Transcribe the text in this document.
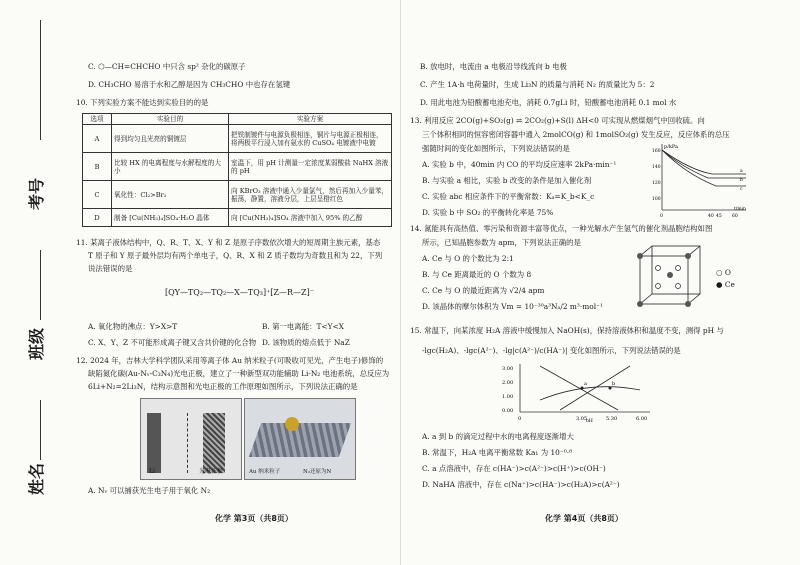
考号
班级
姓名
C. ⬡—CH=CHCHO 中只含 sp² 杂化的碳原子
D. CH₃CHO 易溶于水和乙醇是因为 CH₃CHO 中也存在氢键
10. 下列实验方案不能达到实验目的的是
选项	实验目的	实验方案
A	得到均匀且光亮的铜镀层	把铁制镀件与电源负极相连，铜片与电源正极相连，将两极平行浸入加有氨水的 CuSO₄ 电镀液中电镀
B	比较 HX 的电离程度与水解程度的大小	室温下，用 pH 计测量一定浓度某弱酸盐 NaHX 溶液的 pH
C	氧化性：Cl₂>Br₂	向 KBrO₃ 溶液中通入少量氯气，然后再加入少量苯，振荡，静置，溶液分层，上层呈橙红色
D	制备 [Cu(NH₃)₄]SO₄·H₂O 晶体	向 [Cu(NH₃)₄]SO₄ 溶液中加入 95% 的乙醇
11. 某离子液体结构中，Q、R、T、X、Y 和 Z 是原子序数依次增大的短周期主族元素，基态
T 原子和 Y 原子最外层均有两个单电子，Q、R、X 和 Z 质子数均为奇数且和为 22，下列
说法错误的是
[QY—TQ₂—TQ₂—X—TQ₃]⁺[Z—R—Z]⁻
A. 氧化物的沸点：Y>X>T	B. 第一电离能：T<Y<X
C. X、Y、Z 不可能形成离子键又含共价键的化合物 D. 该物质的熔点低于 NaZ
12. 2024 年，吉林大学科学团队采用等离子体 Au 纳米粒子(可吸收可见光，产生电子)修饰的
缺陷氮化碳(Au-Nᵥ-C₃N₄)光电正极，建立了一种新型双功能辅助 Li-N₂ 电池系统，总反应为
6Li+N₂=2Li₃N，结构示意图和光电正极的工作原理如图所示，下列说法正确的是
Li	光电正极	Au 纳米粒子	N₂还原为N
A. Nᵥ 可以捕获光生电子用于氧化 N₂
化学 第3页（共8页）
B. 放电时，电流由 a 电极沿导线流向 b 电极
C. 产生 1A·h 电荷量时，生成 Li₃N 的质量与消耗 N₂ 的质量比为 5：2
D. 用此电池为铅酸蓄电池充电，消耗 0.7gLi 时，铅酸蓄电池消耗 0.1 mol 水
13. 利用反应 2CO(g)+SO₂(g) ⇌ 2CO₂(g)+S(l) ΔH<0 可实现从燃煤烟气中回收硫。向
三个体积相同的恒容密闭容器中通入 2molCO(g) 和 1molSO₂(g) 发生反应，反应体系的总压
强随时间的变化如图所示，下列说法错误的是
A. 实验 b 中，40min 内 CO 的平均反应速率 2kPa·min⁻¹
B. 与实验 a 相比，实验 b 改变的条件是加入催化剂
C. 实验 abc 相应条件下的平衡常数：Kₐ=K_b<K_c
D. 实验 b 中 SO₂ 的平衡转化率是 75%
p/kPa
160
140
120
100
0	40 45 60
t/min
a
b
c
14. 氮能具有高热值、零污染和资源丰富等优点，一种光解水产生氢气的催化剂晶胞结构如图
所示，已知晶胞参数为 apm，下列说法正确的是
A. Ce 与 O 的个数比为 2:1
B. 与 Ce 距离最近的 O 个数为 8
C. Ce 与 O 的最近距离为 √2/4 apm
D. 该晶体的摩尔体积为 Vm = 10⁻³⁰a³Nₐ/2 m³·mol⁻¹
○ O
● Ce
15. 常温下，向某浓度 H₂A 溶液中缓慢加入 NaOH(s)，保持溶液体积和温度不变，测得 pH 与
-lgc(H₂A)、-lgc(A²⁻)、-lg|c(A²⁻)/c(HA⁻)| 变化如图所示，下列说法错误的是
3.00
2.00
1.00
0.00
0	3.05	5.30	6.00
pH
a	b
A. a 到 b 的滴定过程中水的电离程度逐渐增大
B. 常温下，H₂A 电离平衡常数 Ka₁ 为 10⁻⁰·⁸
C. a 点溶液中，存在 c(HA⁻)>c(A²⁻)>c(H⁺)>c(OH⁻)
D. NaHA 溶液中，存在 c(Na⁺)>c(HA⁻)>c(H₂A)>c(A²⁻)
化学 第4页（共8页）
